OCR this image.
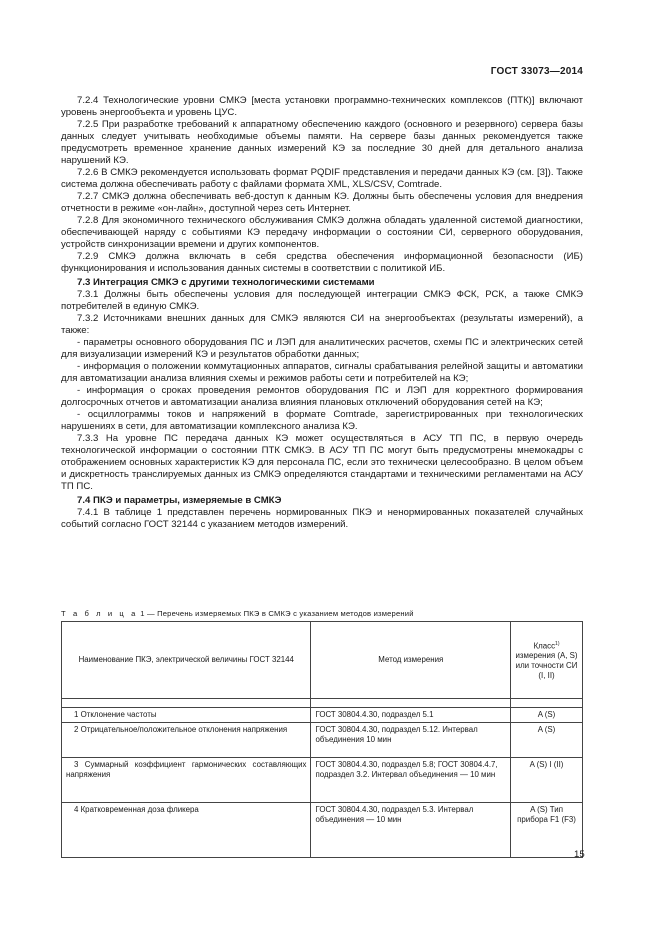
ГОСТ 33073—2014

7.2.4 Технологические уровни СМКЭ [места установки программно-технических комплексов (ПТК)] включают уровень энергообъекта и уровень ЦУС.

7.2.5 При разработке требований к аппаратному обеспечению каждого (основного и резервного) сервера базы данных следует учитывать необходимые объемы памяти. На сервере базы данных рекомендуется также предусмотреть временное хранение данных измерений КЭ за последние 30 дней для детального анализа нарушений КЭ.

7.2.6 В СМКЭ рекомендуется использовать формат PQDIF представления и передачи данных КЭ (см. [3]). Также система должна обеспечивать работу с файлами формата XML, XLS/CSV, Comtrade.

7.2.7 СМКЭ должна обеспечивать веб-доступ к данным КЭ. Должны быть обеспечены условия для внедрения отчетности в режиме «он-лайн», доступной через сеть Интернет.

7.2.8 Для экономичного технического обслуживания СМКЭ должна обладать удаленной системой диагностики, обеспечивающей наряду с событиями КЭ передачу информации о состоянии СИ, серверного оборудования, устройств синхронизации времени и других компонентов.

7.2.9 СМКЭ должна включать в себя средства обеспечения информационной безопасности (ИБ) функционирования и использования данных системы в соответствии с политикой ИБ.

7.3 Интеграция СМКЭ с другими технологическими системами

7.3.1 Должны быть обеспечены условия для последующей интеграции СМКЭ ФСК, РСК, а также СМКЭ потребителей в единую СМКЭ.

7.3.2 Источниками внешних данных для СМКЭ являются СИ на энергообъектах (результаты измерений), а также:

- параметры основного оборудования ПС и ЛЭП для аналитических расчетов, схемы ПС и электрических сетей для визуализации измерений КЭ и результатов обработки данных;

- информация о положении коммутационных аппаратов, сигналы срабатывания релейной защиты и автоматики для автоматизации анализа влияния схемы и режимов работы сети и потребителей на КЭ;

- информация о сроках проведения ремонтов оборудования ПС и ЛЭП для корректного формирования долгосрочных отчетов и автоматизации анализа влияния плановых отключений оборудования сетей на КЭ;

- осциллограммы токов и напряжений в формате Comtrade, зарегистрированных при технологических нарушениях в сети, для автоматизации комплексного анализа КЭ.

7.3.3 На уровне ПС передача данных КЭ может осуществляться в АСУ ТП ПС, в первую очередь технологической информации о состоянии ПТК СМКЭ. В АСУ ТП ПС могут быть предусмотрены мнемокадры с отображением основных характеристик КЭ для персонала ПС, если это технически целесообразно. В целом объем и дискретность транслируемых данных из СМКЭ определяются стандартами и техническими регламентами на АСУ ТП ПС.

7.4 ПКЭ и параметры, измеряемые в СМКЭ

7.4.1 В таблице 1 представлен перечень нормированных ПКЭ и ненормированных показателей случайных событий согласно ГОСТ 32144 с указанием методов измерений.

Т а б л и ц а 1 — Перечень измеряемых ПКЭ в СМКЭ с указанием методов измерений
Наименование ПКЭ, электрической величины ГОСТ 32144	Метод измерения	Класс$^{1)}$ измерения (А, S) или точности СИ (I, II)

1 Отклонение частоты	ГОСТ 30804.4.30, подраздел 5.1	A (S)
2 Отрицательное/положительное отклонения напряжения	ГОСТ 30804.4.30, подраздел 5.12. Интервал объединения 10 мин	A (S)
3 Суммарный коэффициент гармонических составляющих напряжения	ГОСТ 30804.4.30, подраздел 5.8; ГОСТ 30804.4.7, подраздел 3.2. Интервал объединения — 10 мин	A (S) I (II)
4 Кратковременная доза фликера	ГОСТ 30804.4.30, подраздел 5.3. Интервал объединения — 10 мин	A (S) Тип прибора F1 (F3)
15
